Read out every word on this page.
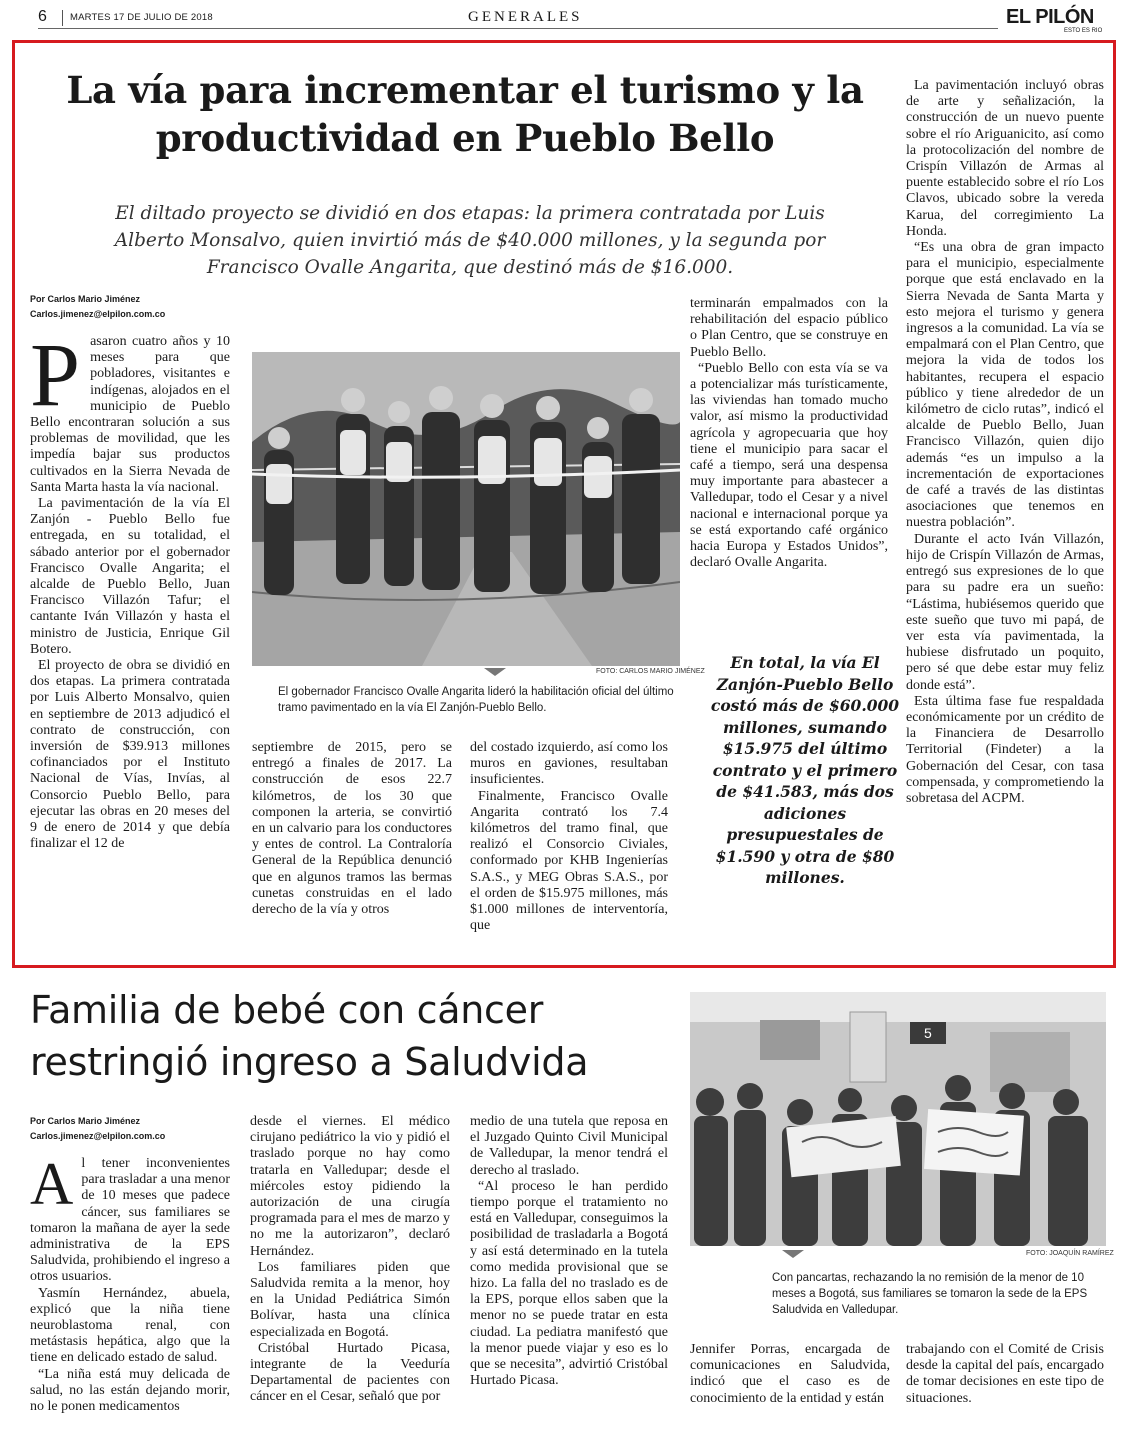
6 MARTES 17 DE JULIO DE 2018	GENERALES	EL PILÓN
ESTO ES RIO
La vía para incrementar el turismo y la
productividad en Pueblo Bello
El diltado proyecto se dividió en dos etapas: la primera contratada por Luis
Alberto Monsalvo, quien invirtió más de $40.000 millones, y la segunda por
Francisco Ovalle Angarita, que destinó más de $16.000.
Por Carlos Mario Jiménez
Carlos.jimenez@elpilon.com.co

Pasaron cuatro años y 10 meses para que pobladores, visitantes e indígenas, alojados en el municipio de Pueblo Bello encontraran solución a sus problemas de movilidad, que les impedía bajar sus productos cultivados en la Sierra Nevada de Santa Marta hasta la vía nacional.

La pavimentación de la vía El Zanjón - Pueblo Bello fue entregada, en su totalidad, el sábado anterior por el gobernador Francisco Ovalle Angarita; el alcalde de Pueblo Bello, Juan Francisco Villazón Tafur; el cantante Iván Villazón y hasta el ministro de Justicia, Enrique Gil Botero.

El proyecto de obra se dividió en dos etapas. La primera contratada por Luis Alberto Monsalvo, quien en septiembre de 2013 adjudicó el contrato de construcción, con inversión de $39.913 millones cofinanciados por el Instituto Nacional de Vías, Invías, al Consorcio Pueblo Bello, para ejecutar las obras en 20 meses del 9 de enero de 2014 y que debía finalizar el 12 de

FOTO: CARLOS MARIO JIMÉNEZ
El gobernador Francisco Ovalle Angarita lideró la habilitación oficial del último
tramo pavimentado en la vía El Zanjón-Pueblo Bello.

septiembre de 2015, pero se entregó a finales de 2017. La construcción de esos 22.7 kilómetros, de los 30 que componen la arteria, se convirtió en un calvario para los conductores y entes de control. La Contraloría General de la República denunció que en algunos tramos las bermas cunetas construidas en el lado derecho de la vía y otros

del costado izquierdo, así como los muros en gaviones, resultaban insuficientes.

Finalmente, Francisco Ovalle Angarita contrató los 7.4 kilómetros del tramo final, que realizó el Consorcio Civiales, conformado por KHB Ingenierías S.A.S., y MEG Obras S.A.S., por el orden de $15.975 millones, más $1.000 millones de interventoría, que

terminarán empalmados con la rehabilitación del espacio público o Plan Centro, que se construye en Pueblo Bello.

“Pueblo Bello con esta vía se va a potencializar más turísticamente, las viviendas han tomado mucho valor, así mismo la productividad agrícola y agropecuaria que hoy tiene el municipio para sacar el café a tiempo, será una despensa muy importante para abastecer a Valledupar, todo el Cesar y a nivel nacional e internacional porque ya se está exportando café orgánico hacia Europa y Estados Unidos”, declaró Ovalle Angarita.

En total, la vía El Zanjón-Pueblo Bello costó más de $60.000 millones, sumando $15.975 del último contrato y el primero de $41.583, más dos adiciones presupuestales de $1.590 y otra de $80 millones.

La pavimentación incluyó obras de arte y señalización, la construcción de un nuevo puente sobre el río Ariguanicito, así como la protocolización del nombre de Crispín Villazón de Armas al puente establecido sobre el río Los Clavos, ubicado sobre la vereda Karua, del corregimiento La Honda.

“Es una obra de gran impacto para el municipio, especialmente porque que está enclavado en la Sierra Nevada de Santa Marta y esto mejora el turismo y genera ingresos a la comunidad. La vía se empalmará con el Plan Centro, que mejora la vida de todos los habitantes, recupera el espacio público y tiene alrededor de un kilómetro de ciclo rutas”, indicó el alcalde de Pueblo Bello, Juan Francisco Villazón, quien dijo además “es un impulso a la incrementación de exportaciones de café a través de las distintas asociaciones que tenemos en nuestra población”.

Durante el acto Iván Villazón, hijo de Crispín Villazón de Armas, entregó sus expresiones de lo que para su padre era un sueño: “Lástima, hubiésemos querido que este sueño que tuvo mi papá, de ver esta vía pavimentada, la hubiese disfrutado un poquito, pero sé que debe estar muy feliz donde está”.

Esta última fase fue respaldada económicamente por un crédito de la Financiera de Desarrollo Territorial (Findeter) a la Gobernación del Cesar, con tasa compensada, y comprometiendo la sobretasa del ACPM.

Familia de bebé con cáncer
restringió ingreso a Saludvida
Por Carlos Mario Jiménez
Carlos.jimenez@elpilon.com.co

Al tener inconvenientes para trasladar a una menor de 10 meses que padece cáncer, sus familiares se tomaron la mañana de ayer la sede administrativa de la EPS Saludvida, prohibiendo el ingreso a otros usuarios.

Yasmín Hernández, abuela, explicó que la niña tiene neuroblastoma renal, con metástasis hepática, algo que la tiene en delicado estado de salud.

“La niña está muy delicada de salud, no las están dejando morir, no le ponen medicamentos

desde el viernes. El médico cirujano pediátrico la vio y pidió el traslado porque no hay como tratarla en Valledupar; desde el miércoles estoy pidiendo la autorización de una cirugía programada para el mes de marzo y no me la autorizaron”, declaró Hernández.

Los familiares piden que Saludvida remita a la menor, hoy en la Unidad Pediátrica Simón Bolívar, hasta una clínica especializada en Bogotá.

Cristóbal Hurtado Picasa, integrante de la Veeduría Departamental de pacientes con cáncer en el Cesar, señaló que por

medio de una tutela que reposa en el Juzgado Quinto Civil Municipal de Valledupar, la menor tendrá el derecho al traslado.

“Al proceso le han perdido tiempo porque el tratamiento no está en Valledupar, conseguimos la posibilidad de trasladarla a Bogotá y así está determinado en la tutela como medida provisional que se hizo. La falla del no traslado es de la EPS, porque ellos saben que la menor no se puede tratar en esta ciudad. La pediatra manifestó que la menor puede viajar y eso es lo que se necesita”, advirtió Cristóbal Hurtado Picasa.

5
FOTO: JOAQUÍN RAMÍREZ
Con pancartas, rechazando la no remisión de la menor de 10
meses a Bogotá, sus familiares se tomaron la sede de la EPS
Saludvida en Valledupar.

Jennifer Porras, encargada de comunicaciones en Saludvida, indicó que el caso es de conocimiento de la entidad y están

trabajando con el Comité de Crisis desde la capital del país, encargado de tomar decisiones en este tipo de situaciones.
